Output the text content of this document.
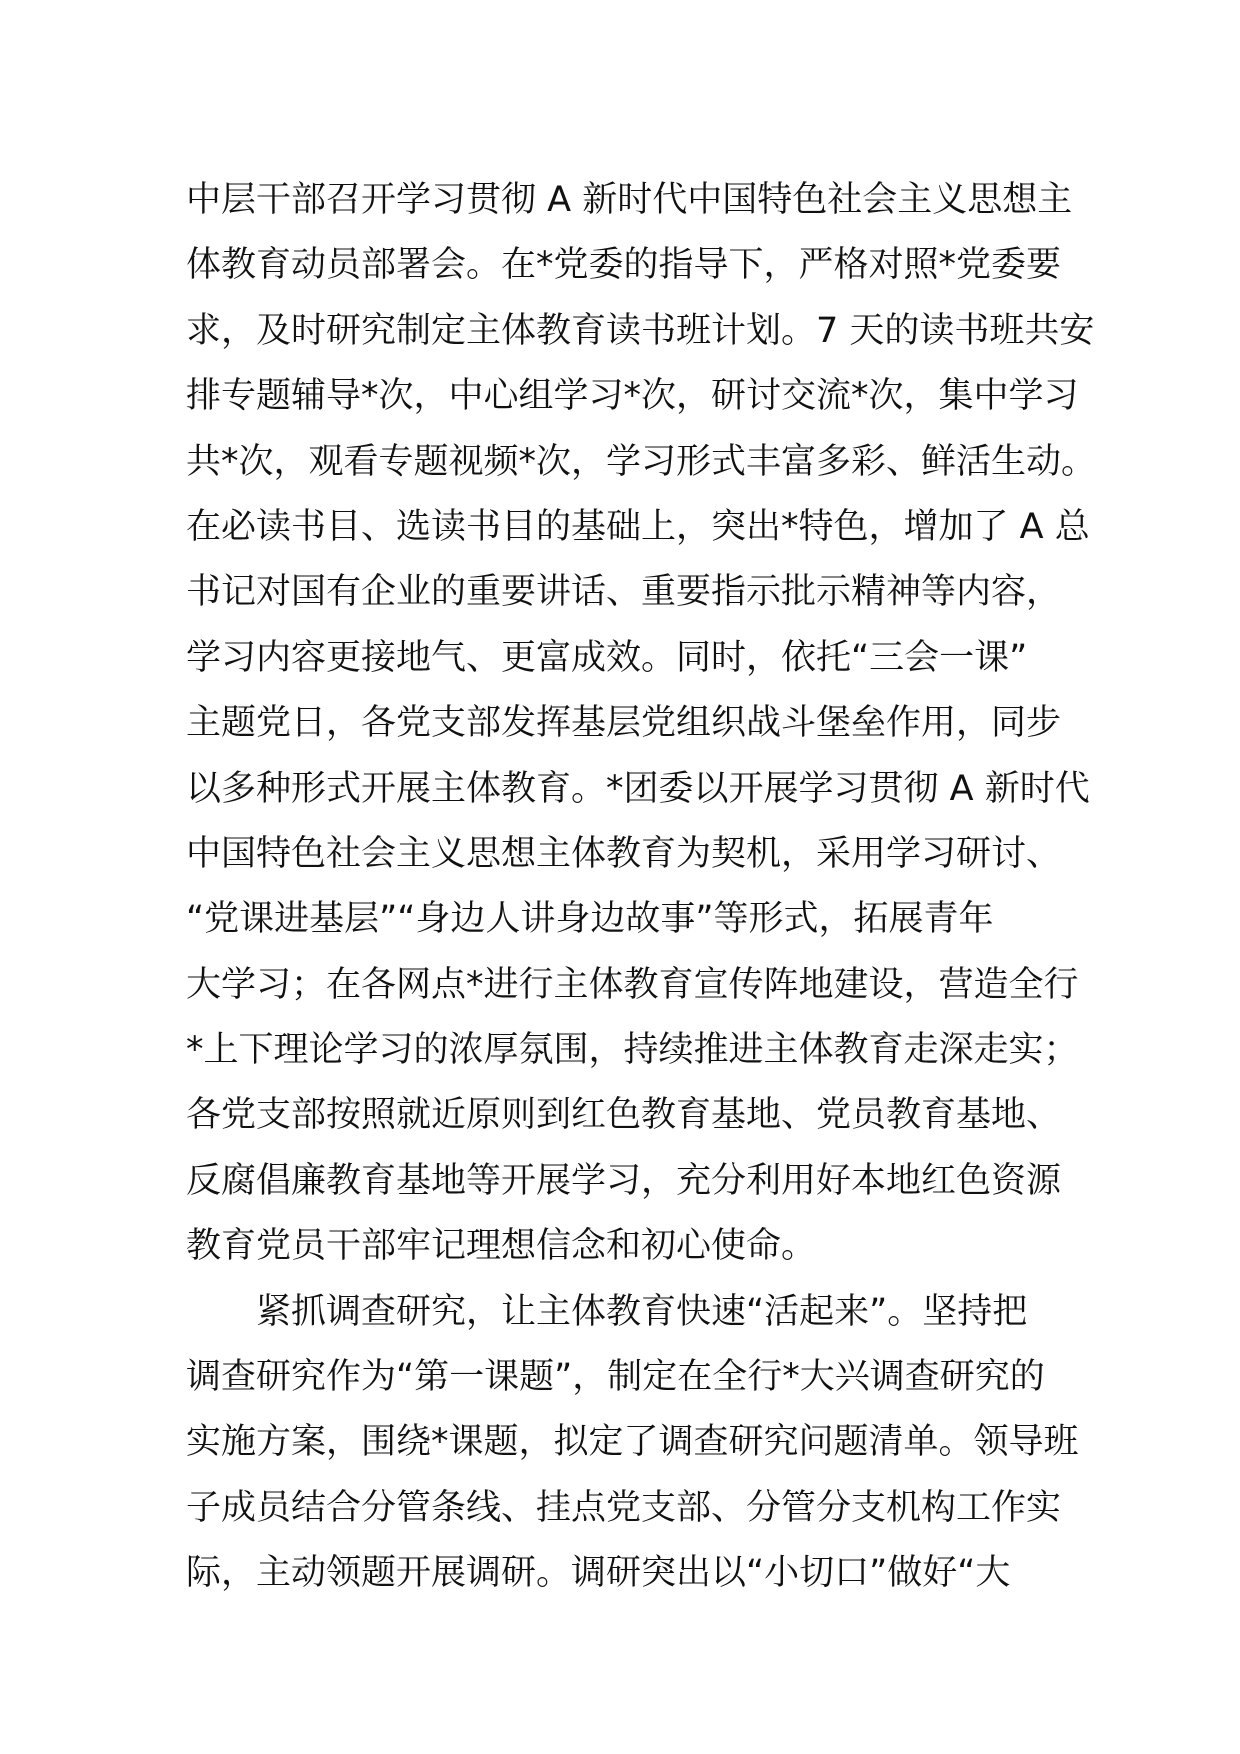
中层干部召开学习贯彻 A 新时代中国特色社会主义思想主
体教育动员部署会。在*党委的指导下，严格对照*党委要
求，及时研究制定主体教育读书班计划。7 天的读书班共安
排专题辅导*次，中心组学习*次，研讨交流*次，集中学习
共*次，观看专题视频*次，学习形式丰富多彩、鲜活生动。
在必读书目、选读书目的基础上，突出*特色，增加了 A 总
书记对国有企业的重要讲话、重要指示批示精神等内容，
学习内容更接地气、更富成效。同时，依托“三会一课”
主题党日，各党支部发挥基层党组织战斗堡垒作用，同步
以多种形式开展主体教育。*团委以开展学习贯彻 A 新时代
中国特色社会主义思想主体教育为契机，采用学习研讨、
“党课进基层”“身边人讲身边故事”等形式，拓展青年
大学习；在各网点*进行主体教育宣传阵地建设，营造全行
*上下理论学习的浓厚氛围，持续推进主体教育走深走实；
各党支部按照就近原则到红色教育基地、党员教育基地、
反腐倡廉教育基地等开展学习，充分利用好本地红色资源
教育党员干部牢记理想信念和初心使命。
紧抓调查研究，让主体教育快速“活起来”。坚持把
调查研究作为“第一课题”，制定在全行*大兴调查研究的
实施方案，围绕*课题，拟定了调查研究问题清单。领导班
子成员结合分管条线、挂点党支部、分管分支机构工作实
际，主动领题开展调研。调研突出以“小切口”做好“大
